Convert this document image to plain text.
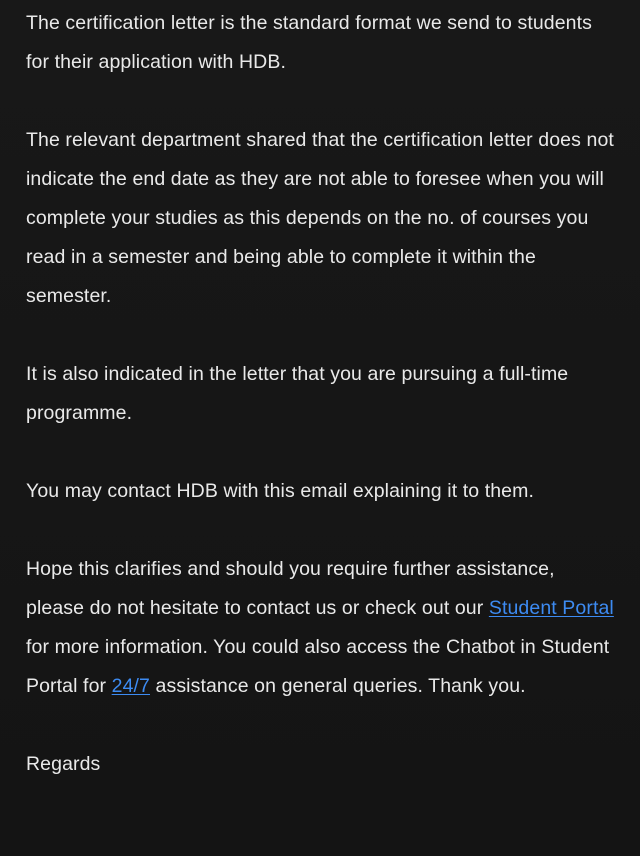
The certification letter is the standard format we send to students for their application with HDB.

The relevant department shared that the certification letter does not indicate the end date as they are not able to foresee when you will complete your studies as this depends on the no. of courses you read in a semester and being able to complete it within the semester.

It is also indicated in the letter that you are pursuing a full-time programme.

You may contact HDB with this email explaining it to them.

Hope this clarifies and should you require further assistance, please do not hesitate to contact us or check out our Student Portal for more information. You could also access the Chatbot in Student Portal for 24/7 assistance on general queries. Thank you.

Regards
